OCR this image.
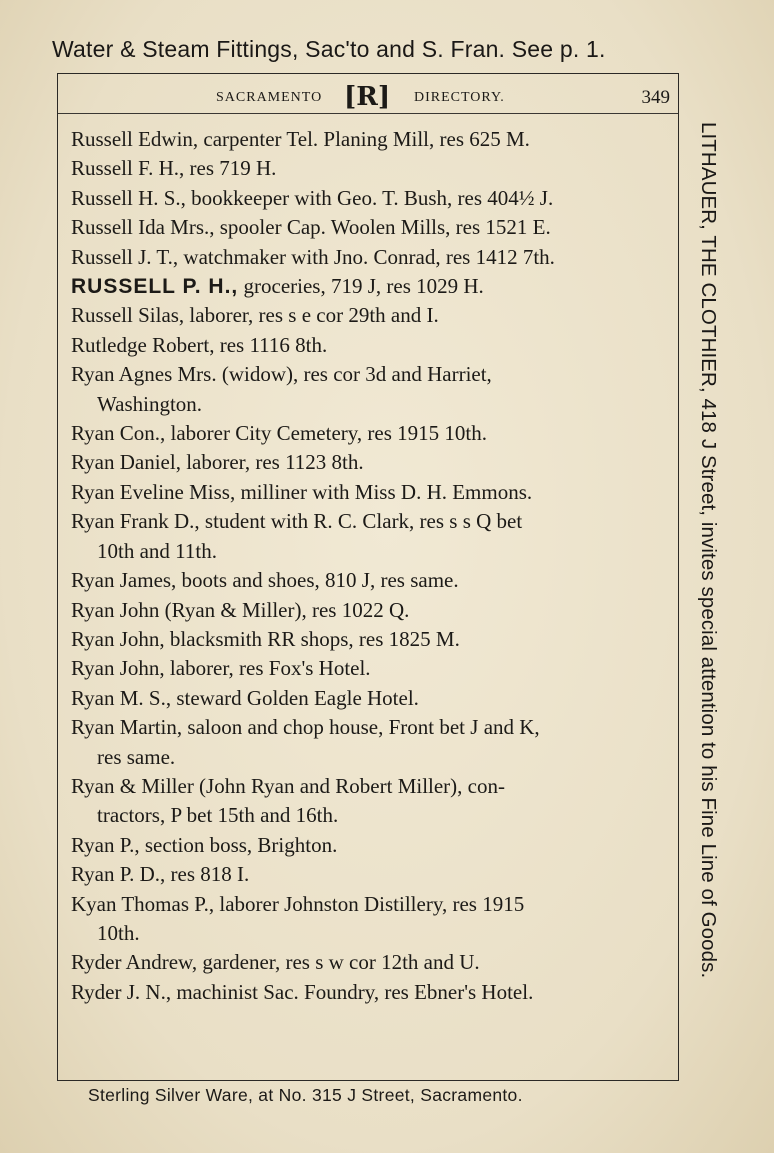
Water & Steam Fittings, Sac'to and S. Fran. See p. 1.
SACRAMENTO [R] DIRECTORY.	349
Russell Edwin, carpenter Tel. Planing Mill, res 625 M.
Russell F. H., res 719 H.
Russell H. S., bookkeeper with Geo. T. Bush, res 404½ J.
Russell Ida Mrs., spooler Cap. Woolen Mills, res 1521 E.
Russell J. T., watchmaker with Jno. Conrad, res 1412 7th.
RUSSELL P. H., groceries, 719 J, res 1029 H.
Russell Silas, laborer, res s e cor 29th and I.
Rutledge Robert, res 1116 8th.
Ryan Agnes Mrs. (widow), res cor 3d and Harriet,
Washington.
Ryan Con., laborer City Cemetery, res 1915 10th.
Ryan Daniel, laborer, res 1123 8th.
Ryan Eveline Miss, milliner with Miss D. H. Emmons.
Ryan Frank D., student with R. C. Clark, res s s Q bet
10th and 11th.
Ryan James, boots and shoes, 810 J, res same.
Ryan John (Ryan & Miller), res 1022 Q.
Ryan John, blacksmith RR shops, res 1825 M.
Ryan John, laborer, res Fox's Hotel.
Ryan M. S., steward Golden Eagle Hotel.
Ryan Martin, saloon and chop house, Front bet J and K,
res same.
Ryan & Miller (John Ryan and Robert Miller), con-
tractors, P bet 15th and 16th.
Ryan P., section boss, Brighton.
Ryan P. D., res 818 I.
Kyan Thomas P., laborer Johnston Distillery, res 1915
10th.
Ryder Andrew, gardener, res s w cor 12th and U.
Ryder J. N., machinist Sac. Foundry, res Ebner's Hotel.
LITHAUER, THE CLOTHIER, 418 J Street, invites special attention to his Fine Line of Goods.
Sterling Silver Ware, at No. 315 J Street, Sacramento.
